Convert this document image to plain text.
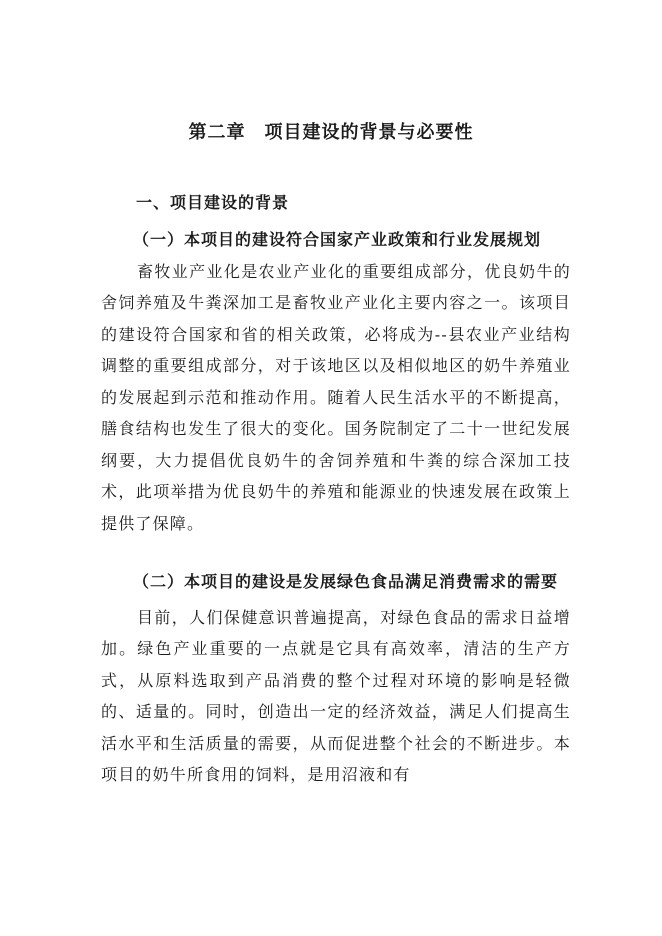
第二章　项目建设的背景与必要性
一、项目建设的背景
（一）本项目的建设符合国家产业政策和行业发展规划
畜牧业产业化是农业产业化的重要组成部分，优良奶牛的舍饲养殖及牛粪深加工是畜牧业产业化主要内容之一。该项目的建设符合国家和省的相关政策，必将成为--县农业产业结构调整的重要组成部分，对于该地区以及相似地区的奶牛养殖业的发展起到示范和推动作用。随着人民生活水平的不断提高，膳食结构也发生了很大的变化。国务院制定了二十一世纪发展纲要，大力提倡优良奶牛的舍饲养殖和牛粪的综合深加工技术，此项举措为优良奶牛的养殖和能源业的快速发展在政策上提供了保障。
（二）本项目的建设是发展绿色食品满足消费需求的需要
目前，人们保健意识普遍提高，对绿色食品的需求日益增加。绿色产业重要的一点就是它具有高效率，清洁的生产方式，从原料选取到产品消费的整个过程对环境的影响是轻微的、适量的。同时，创造出一定的经济效益，满足人们提高生活水平和生活质量的需要，从而促进整个社会的不断进步。本项目的奶牛所食用的饲料，是用沼液和有
